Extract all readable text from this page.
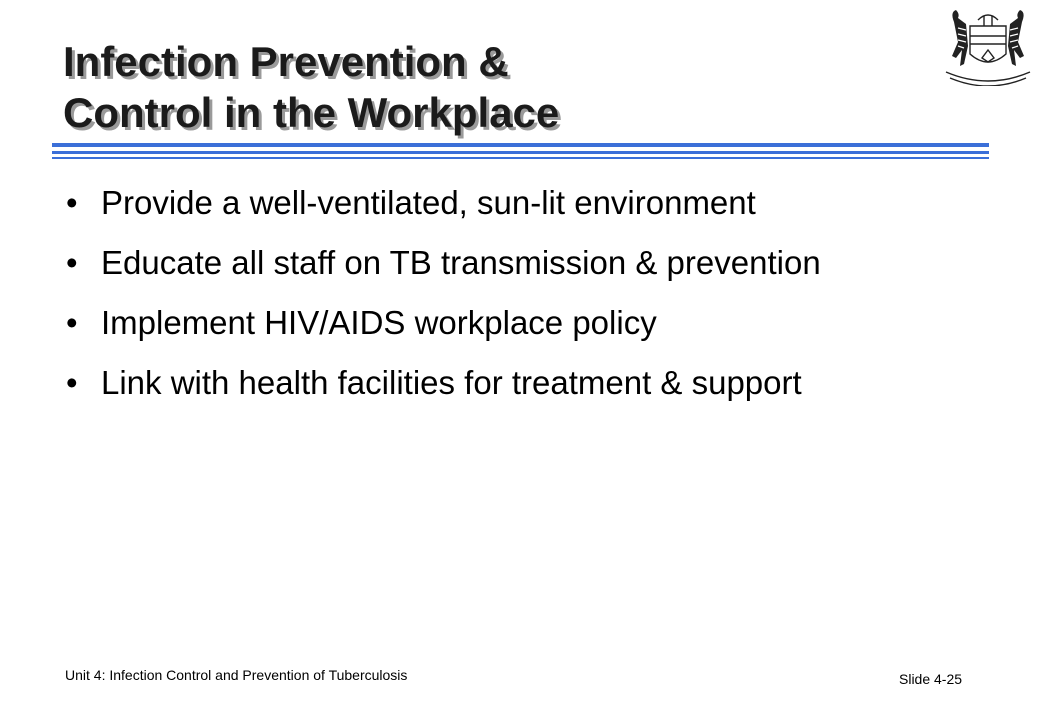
Infection Prevention &
Control in the Workplace
• Provide a well-ventilated, sun-lit environment
• Educate all staff on TB transmission & prevention
• Implement HIV/AIDS workplace policy
• Link with health facilities for treatment & support
Unit 4: Infection Control and Prevention of Tuberculosis	Slide 4-25
